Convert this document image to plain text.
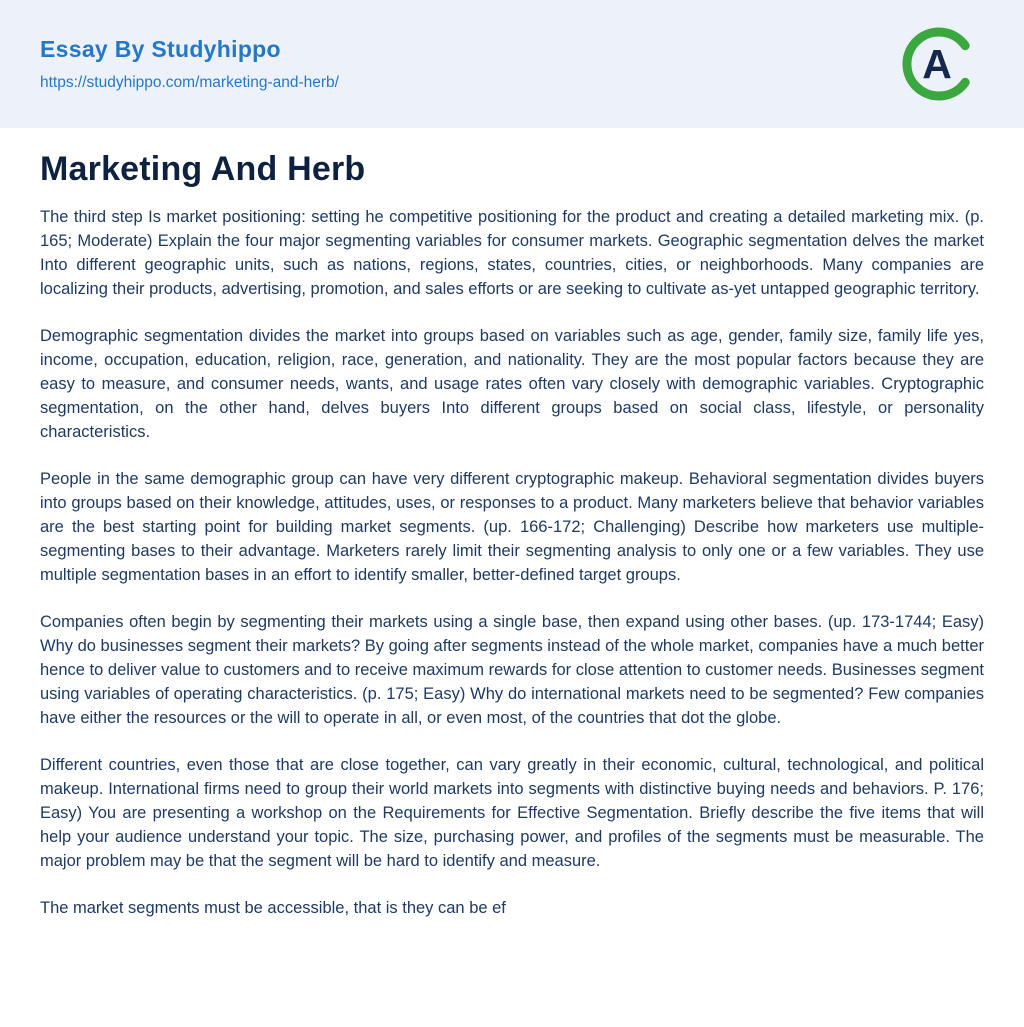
Essay By Studyhippo
https://studyhippo.com/marketing-and-herb/	A
Marketing And Herb

The third step Is market positioning: setting he competitive positioning for the product and creating a detailed marketing mix. (p. 165; Moderate) Explain the four major segmenting variables for consumer markets. Geographic segmentation delves the market Into different geographic units, such as nations, regions, states, countries, cities, or neighborhoods. Many companies are localizing their products, advertising, promotion, and sales efforts or are seeking to cultivate as-yet untapped geographic territory.

Demographic segmentation divides the market into groups based on variables such as age, gender, family size, family life yes, income, occupation, education, religion, race, generation, and nationality. They are the most popular factors because they are easy to measure, and consumer needs, wants, and usage rates often vary closely with demographic variables. Cryptographic segmentation, on the other hand, delves buyers Into different groups based on social class, lifestyle, or personality characteristics.

People in the same demographic group can have very different cryptographic makeup. Behavioral segmentation divides buyers into groups based on their knowledge, attitudes, uses, or responses to a product. Many marketers believe that behavior variables are the best starting point for building market segments. (up. 166-172; Challenging) Describe how marketers use multiple-segmenting bases to their advantage. Marketers rarely limit their segmenting analysis to only one or a few variables. They use multiple segmentation bases in an effort to identify smaller, better-defined target groups.

Companies often begin by segmenting their markets using a single base, then expand using other bases. (up. 173-1744; Easy) Why do businesses segment their markets? By going after segments instead of the whole market, companies have a much better hence to deliver value to customers and to receive maximum rewards for close attention to customer needs. Businesses segment using variables of operating characteristics. (p. 175; Easy) Why do international markets need to be segmented? Few companies have either the resources or the will to operate in all, or even most, of the countries that dot the globe.

Different countries, even those that are close together, can vary greatly in their economic, cultural, technological, and political makeup. International firms need to group their world markets into segments with distinctive buying needs and behaviors. P. 176; Easy) You are presenting a workshop on the Requirements for Effective Segmentation. Briefly describe the five items that will help your audience understand your topic. The size, purchasing power, and profiles of the segments must be measurable. The major problem may be that the segment will be hard to identify and measure.

The market segments must be accessible, that is they can be ef
